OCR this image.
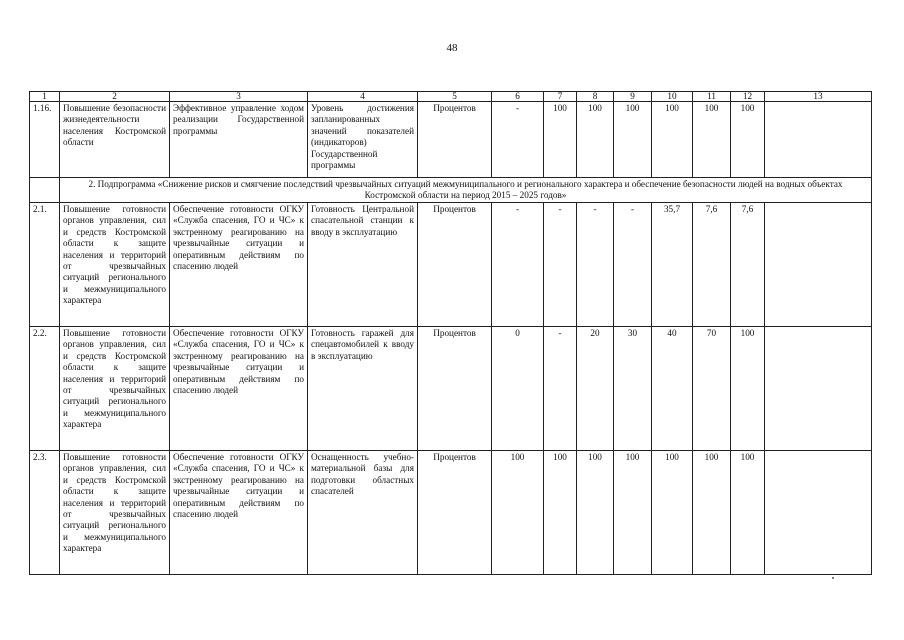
48
1	2	3	4	5	6	7	8	9	10	11	12	13
1.16.	Повышение безопасности жизнедеятельности населения Костромской области	Эффективное управление ходом реализации Государственной программы	Уровень достижения запланированных значений показателей (индикаторов) Государственной программы	Процентов	-	100	100	100	100	100	100	
	2. Подпрограмма «Снижение рисков и смягчение последствий чрезвычайных ситуаций межмуниципального и регионального характера и обеспечение безопасности людей на водных объектах Костромской области на период 2015 – 2025 годов»											
2.1.	Повышение готовности органов управления, сил и средств Костромской области к защите населения и территорий от чрезвычайных ситуаций регионального и межмуниципального характера	Обеспечение готовности ОГКУ «Служба спасения, ГО и ЧС» к экстренному реагированию на чрезвычайные ситуации и оперативным действиям по спасению людей	Готовность Центральной спасательной станции к вводу в эксплуатацию	Процентов	-	-	-	-	35,7	7,6	7,6	
2.2.	Повышение готовности органов управления, сил и средств Костромской области к защите населения и территорий от чрезвычайных ситуаций регионального и межмуниципального характера	Обеспечение готовности ОГКУ «Служба спасения, ГО и ЧС» к экстренному реагированию на чрезвычайные ситуации и оперативным действиям по спасению людей	Готовность гаражей для спецавтомобилей к вводу в эксплуатацию	Процентов	0	-	20	30	40	70	100	
2.3.	Повышение готовности органов управления, сил и средств Костромской области к защите населения и территорий от чрезвычайных ситуаций регионального и межмуниципального характера	Обеспечение готовности ОГКУ «Служба спасения, ГО и ЧС» к экстренному реагированию на чрезвычайные ситуации и оперативным действиям по спасению людей	Оснащенность учебно-материальной базы для подготовки областных спасателей	Процентов	100	100	100	100	100	100	100	
